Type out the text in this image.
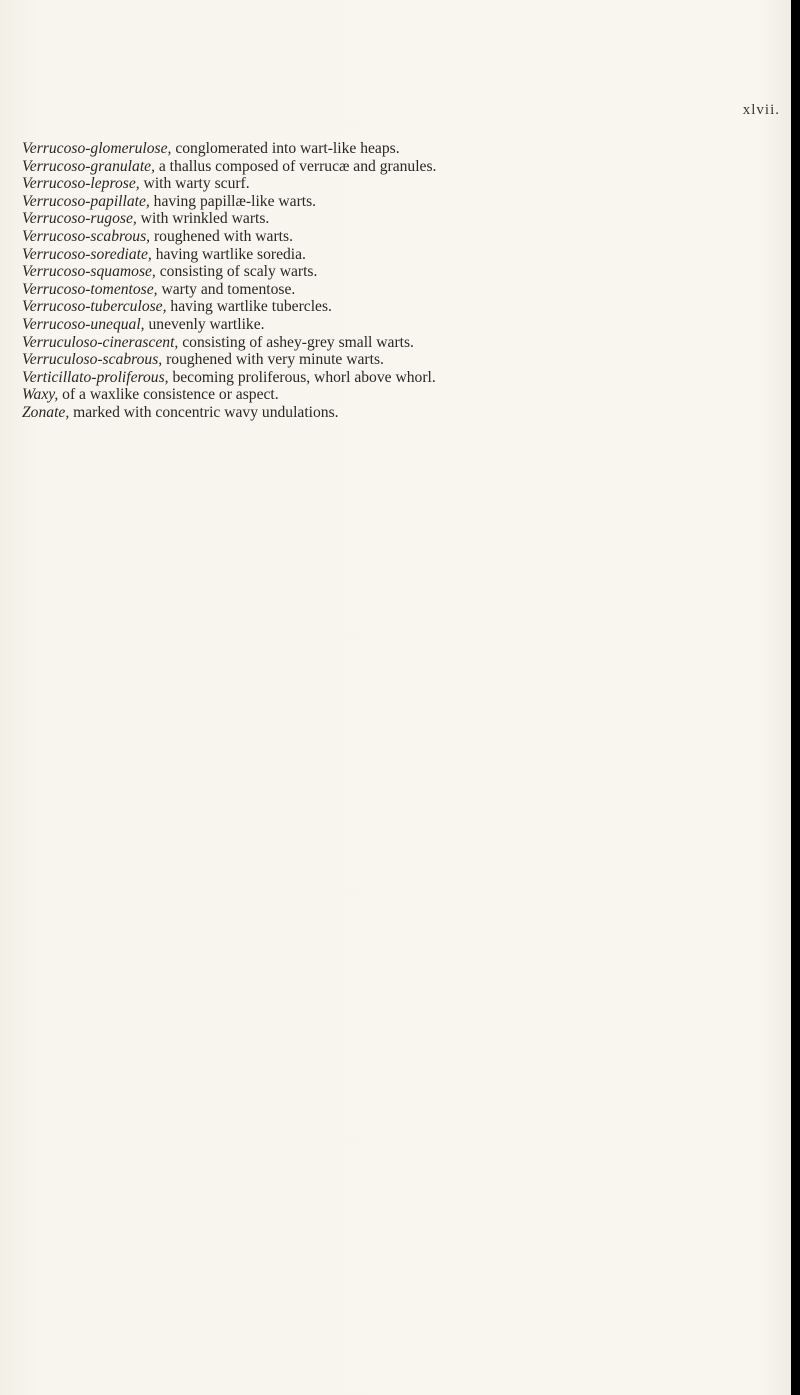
xlvii.
Verrucoso-glomerulose, conglomerated into wart-like heaps.
Verrucoso-granulate, a thallus composed of verrucæ and granules.
Verrucoso-leprose, with warty scurf.
Verrucoso-papillate, having papillæ-like warts.
Verrucoso-rugose, with wrinkled warts.
Verrucoso-scabrous, roughened with warts.
Verrucoso-sorediate, having wartlike soredia.
Verrucoso-squamose, consisting of scaly warts.
Verrucoso-tomentose, warty and tomentose.
Verrucoso-tuberculose, having wartlike tubercles.
Verrucoso-unequal, unevenly wartlike.
Verruculoso-cinerascent, consisting of ashey-grey small warts.
Verruculoso-scabrous, roughened with very minute warts.
Verticillato-proliferous, becoming proliferous, whorl above whorl.
Waxy, of a waxlike consistence or aspect.
Zonate, marked with concentric wavy undulations.
